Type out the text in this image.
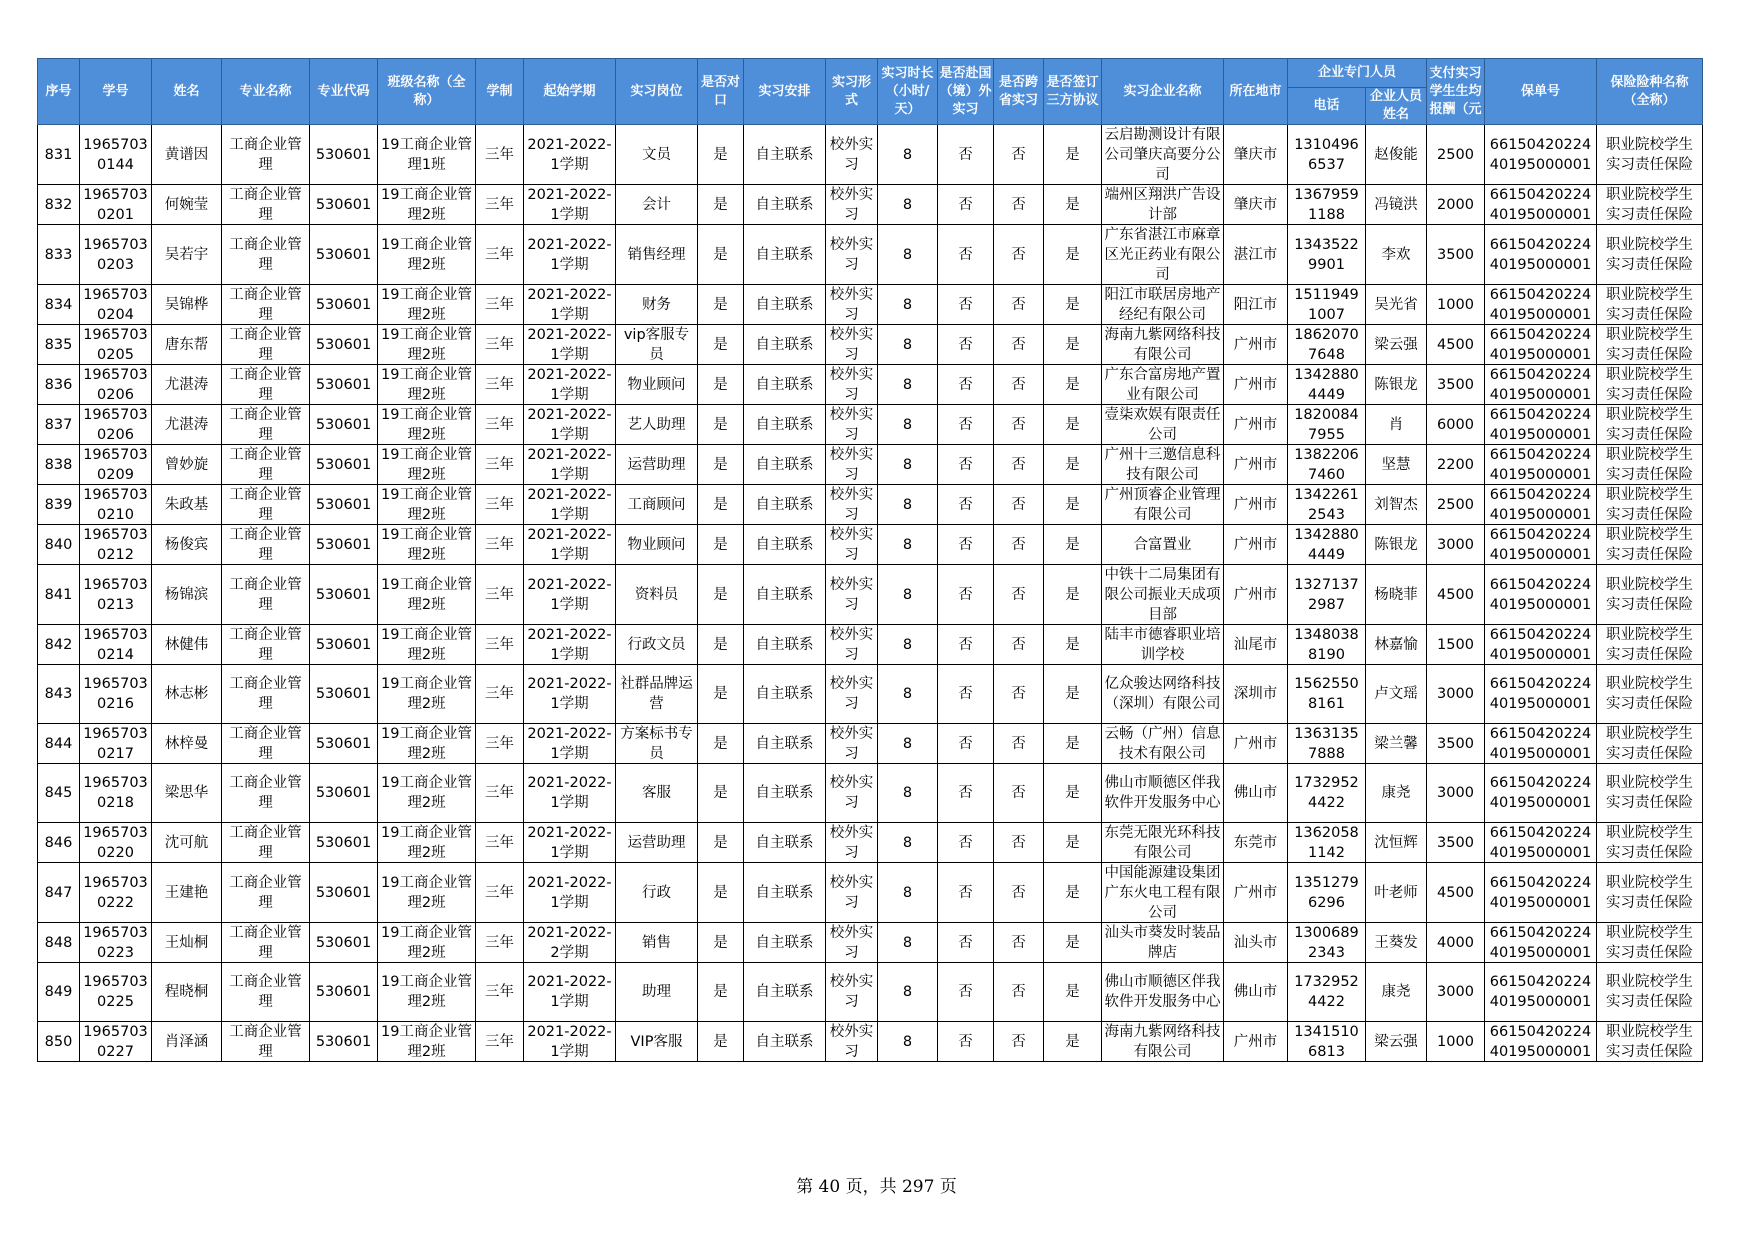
序号	学号	姓名	专业名称	专业代码	班级名称（全称）	学制	起始学期	实习岗位	是否对口	实习安排	实习形式	实习时长（小时/天）	是否赴国（境）外实习	是否跨省实习	是否签订三方协议	实习企业名称	所在地市	企业专门人员		支付实习学生生均报酬（元	保单号	保险险种名称（全称）
																		电话	企业人员姓名			

831	19657030144	黄谱因	工商企业管理	530601	19工商企业管理1班	三年	2021-2022-1学期	文员	是	自主联系	校外实习	8	否	否	是	云启勘测设计有限公司肇庆高要分公司	肇庆市	13104966537	赵俊能	2500	6615042022440195000001	职业院校学生实习责任保险

832	19657030201	何婉莹	工商企业管理	530601	19工商企业管理2班	三年	2021-2022-1学期	会计	是	自主联系	校外实习	8	否	否	是	端州区翔洪广告设计部	肇庆市	13679591188	冯镜洪	2000	6615042022440195000001	职业院校学生实习责任保险

833	19657030203	吴若宇	工商企业管理	530601	19工商企业管理2班	三年	2021-2022-1学期	销售经理	是	自主联系	校外实习	8	否	否	是	广东省湛江市麻章区光正药业有限公司	湛江市	13435229901	李欢	3500	6615042022440195000001	职业院校学生实习责任保险

834	19657030204	吴锦桦	工商企业管理	530601	19工商企业管理2班	三年	2021-2022-1学期	财务	是	自主联系	校外实习	8	否	否	是	阳江市联居房地产经纪有限公司	阳江市	15119491007	吴光省	1000	6615042022440195000001	职业院校学生实习责任保险

835	19657030205	唐东帮	工商企业管理	530601	19工商企业管理2班	三年	2021-2022-1学期	vip客服专员	是	自主联系	校外实习	8	否	否	是	海南九紫网络科技有限公司	广州市	18620707648	梁云强	4500	6615042022440195000001	职业院校学生实习责任保险

836	19657030206	尤湛涛	工商企业管理	530601	19工商企业管理2班	三年	2021-2022-1学期	物业顾问	是	自主联系	校外实习	8	否	否	是	广东合富房地产置业有限公司	广州市	13428804449	陈银龙	3500	6615042022440195000001	职业院校学生实习责任保险

837	19657030206	尤湛涛	工商企业管理	530601	19工商企业管理2班	三年	2021-2022-1学期	艺人助理	是	自主联系	校外实习	8	否	否	是	壹柒欢娱有限责任公司	广州市	18200847955	肖	6000	6615042022440195000001	职业院校学生实习责任保险

838	19657030209	曾妙旋	工商企业管理	530601	19工商企业管理2班	三年	2021-2022-1学期	运营助理	是	自主联系	校外实习	8	否	否	是	广州十三邀信息科技有限公司	广州市	13822067460	坚慧	2200	6615042022440195000001	职业院校学生实习责任保险

839	19657030210	朱政基	工商企业管理	530601	19工商企业管理2班	三年	2021-2022-1学期	工商顾问	是	自主联系	校外实习	8	否	否	是	广州顶睿企业管理有限公司	广州市	13422612543	刘智杰	2500	6615042022440195000001	职业院校学生实习责任保险

840	19657030212	杨俊宾	工商企业管理	530601	19工商企业管理2班	三年	2021-2022-1学期	物业顾问	是	自主联系	校外实习	8	否	否	是	合富置业	广州市	13428804449	陈银龙	3000	6615042022440195000001	职业院校学生实习责任保险

841	19657030213	杨锦滨	工商企业管理	530601	19工商企业管理2班	三年	2021-2022-1学期	资料员	是	自主联系	校外实习	8	否	否	是	中铁十二局集团有限公司振业天成项目部	广州市	13271372987	杨晓菲	4500	6615042022440195000001	职业院校学生实习责任保险

842	19657030214	林健伟	工商企业管理	530601	19工商企业管理2班	三年	2021-2022-1学期	行政文员	是	自主联系	校外实习	8	否	否	是	陆丰市德睿职业培训学校	汕尾市	13480388190	林嘉愉	1500	6615042022440195000001	职业院校学生实习责任保险

843	19657030216	林志彬	工商企业管理	530601	19工商企业管理2班	三年	2021-2022-1学期	社群品牌运营	是	自主联系	校外实习	8	否	否	是	亿众骏达网络科技（深圳）有限公司	深圳市	15625508161	卢文瑶	3000	6615042022440195000001	职业院校学生实习责任保险

844	19657030217	林梓曼	工商企业管理	530601	19工商企业管理2班	三年	2021-2022-1学期	方案标书专员	是	自主联系	校外实习	8	否	否	是	云畅（广州）信息技术有限公司	广州市	13631357888	梁兰馨	3500	6615042022440195000001	职业院校学生实习责任保险

845	19657030218	梁思华	工商企业管理	530601	19工商企业管理2班	三年	2021-2022-1学期	客服	是	自主联系	校外实习	8	否	否	是	佛山市顺德区伴我软件开发服务中心	佛山市	17329524422	康尧	3000	6615042022440195000001	职业院校学生实习责任保险

846	19657030220	沈可航	工商企业管理	530601	19工商企业管理2班	三年	2021-2022-1学期	运营助理	是	自主联系	校外实习	8	否	否	是	东莞无限光环科技有限公司	东莞市	13620581142	沈恒辉	3500	6615042022440195000001	职业院校学生实习责任保险

847	19657030222	王建艳	工商企业管理	530601	19工商企业管理2班	三年	2021-2022-1学期	行政	是	自主联系	校外实习	8	否	否	是	中国能源建设集团广东火电工程有限公司	广州市	13512796296	叶老师	4500	6615042022440195000001	职业院校学生实习责任保险

848	19657030223	王灿桐	工商企业管理	530601	19工商企业管理2班	三年	2021-2022-2学期	销售	是	自主联系	校外实习	8	否	否	是	汕头市葵发时装品牌店	汕头市	13006892343	王葵发	4000	6615042022440195000001	职业院校学生实习责任保险

849	19657030225	程晓桐	工商企业管理	530601	19工商企业管理2班	三年	2021-2022-1学期	助理	是	自主联系	校外实习	8	否	否	是	佛山市顺德区伴我软件开发服务中心	佛山市	17329524422	康尧	3000	6615042022440195000001	职业院校学生实习责任保险

850	19657030227	肖泽涵	工商企业管理	530601	19工商企业管理2班	三年	2021-2022-1学期	VIP客服	是	自主联系	校外实习	8	否	否	是	海南九紫网络科技有限公司	广州市	13415106813	梁云强	1000	6615042022440195000001	职业院校学生实习责任保险
第 40 页，共 297 页
